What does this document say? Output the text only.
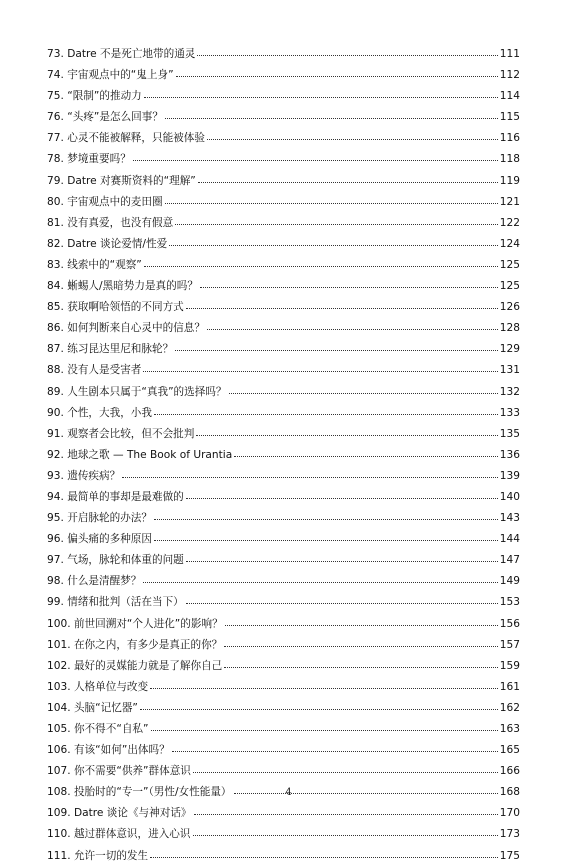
73.
Datre 不是死亡地带的通灵	111
74.
宇宙观点中的“鬼上身”	112
75.
“限制”的推动力	114
76.
“头疼”是怎么回事？	115
77.
心灵不能被解释，只能被体验	116
78.
梦境重要吗？	118
79.
Datre 对赛斯资料的“理解”	119
80.
宇宙观点中的麦田圈	121
81.
没有真爱，也没有假意	122
82.
Datre 谈论爱情/性爱	124
83.
线索中的“观察”	125
84.
蜥蜴人/黑暗势力是真的吗？	125
85.
获取啊哈领悟的不同方式	126
86.
如何判断来自心灵中的信息？	128
87.
练习昆达里尼和脉轮？	129
88.
没有人是受害者	131
89.
人生剧本只属于“真我”的选择吗？	132
90.
个性，大我，小我	133
91.
观察者会比较，但不会批判	135
92.
地球之歌 — The Book of Urantia	136
93.
遗传疾病？	139
94.
最简单的事却是最难做的	140
95.
开启脉轮的办法？	143
96.
偏头痛的多种原因	144
97.
气场，脉轮和体重的问题	147
98.
什么是清醒梦？	149
99.
情绪和批判（活在当下）	153
100.
前世回溯对“个人进化”的影响？	156
101.
在你之内，有多少是真正的你？	157
102.
最好的灵媒能力就是了解你自己	159
103.
人格单位与改变	161
104.
头脑“记忆器”	162
105.
你不得不“自私”	163
106.
有该“如何”出体吗？	165
107.
你不需要“供养”群体意识	166
108.
投胎时的“专一”（男性/女性能量）	168
109.
Datre 谈论《与神对话》	170
110.
越过群体意识，进入心识	173
111.
允许一切的发生	175
4
